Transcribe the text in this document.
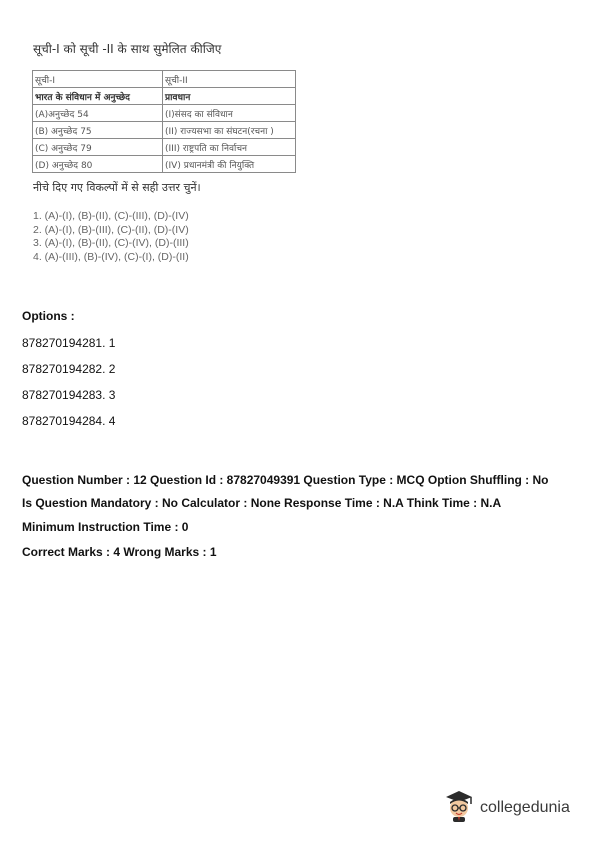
सूची-I को सूची -II के साथ सुमेलित कीजिए
सूची-I	सूची-II
भारत के संविधान में अनुच्छेद	प्रावधान
(A)अनुच्छेद 54	(I)संसद का संविधान
(B) अनुच्छेद 75	(II) राज्यसभा का संघटन(रचना )
(C) अनुच्छेद 79	(III) राष्ट्रपति का निर्वाचन
(D) अनुच्छेद 80	(IV) प्रधानमंत्री की नियुक्ति
नीचे दिए गए विकल्पों में से सही उत्तर चुनें।
1. (A)-(I), (B)-(II), (C)-(III), (D)-(IV)
2. (A)-(I), (B)-(III), (C)-(II), (D)-(IV)
3. (A)-(I), (B)-(II), (C)-(IV), (D)-(III)
4. (A)-(III), (B)-(IV), (C)-(I), (D)-(II)
Options :
878270194281. 1
878270194282. 2
878270194283. 3
878270194284. 4
Question Number : 12 Question Id : 87827049391 Question Type : MCQ Option Shuffling : No
Is Question Mandatory : No Calculator : None Response Time : N.A Think Time : N.A
Minimum Instruction Time : 0
Correct Marks : 4 Wrong Marks : 1
collegedunia
